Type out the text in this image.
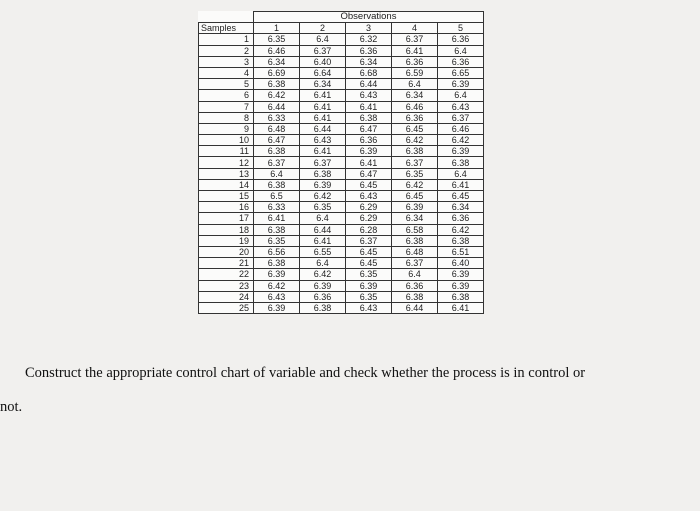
	Observations				
Samples	1	2	3	4	5
1	6.35	6.4	6.32	6.37	6.36
2	6.46	6.37	6.36	6.41	6.4
3	6.34	6.40	6.34	6.36	6.36
4	6.69	6.64	6.68	6.59	6.65
5	6.38	6.34	6.44	6.4	6.39
6	6.42	6.41	6.43	6.34	6.4
7	6.44	6.41	6.41	6.46	6.43
8	6.33	6.41	6.38	6.36	6.37
9	6.48	6.44	6.47	6.45	6.46
10	6.47	6.43	6.36	6.42	6.42
11	6.38	6.41	6.39	6.38	6.39
12	6.37	6.37	6.41	6.37	6.38
13	6.4	6.38	6.47	6.35	6.4
14	6.38	6.39	6.45	6.42	6.41
15	6.5	6.42	6.43	6.45	6.45
16	6.33	6.35	6.29	6.39	6.34
17	6.41	6.4	6.29	6.34	6.36
18	6.38	6.44	6.28	6.58	6.42
19	6.35	6.41	6.37	6.38	6.38
20	6.56	6.55	6.45	6.48	6.51
21	6.38	6.4	6.45	6.37	6.40
22	6.39	6.42	6.35	6.4	6.39
23	6.42	6.39	6.39	6.36	6.39
24	6.43	6.36	6.35	6.38	6.38
25	6.39	6.38	6.43	6.44	6.41
Construct the appropriate control chart of variable and check whether the process is in control or
not.
